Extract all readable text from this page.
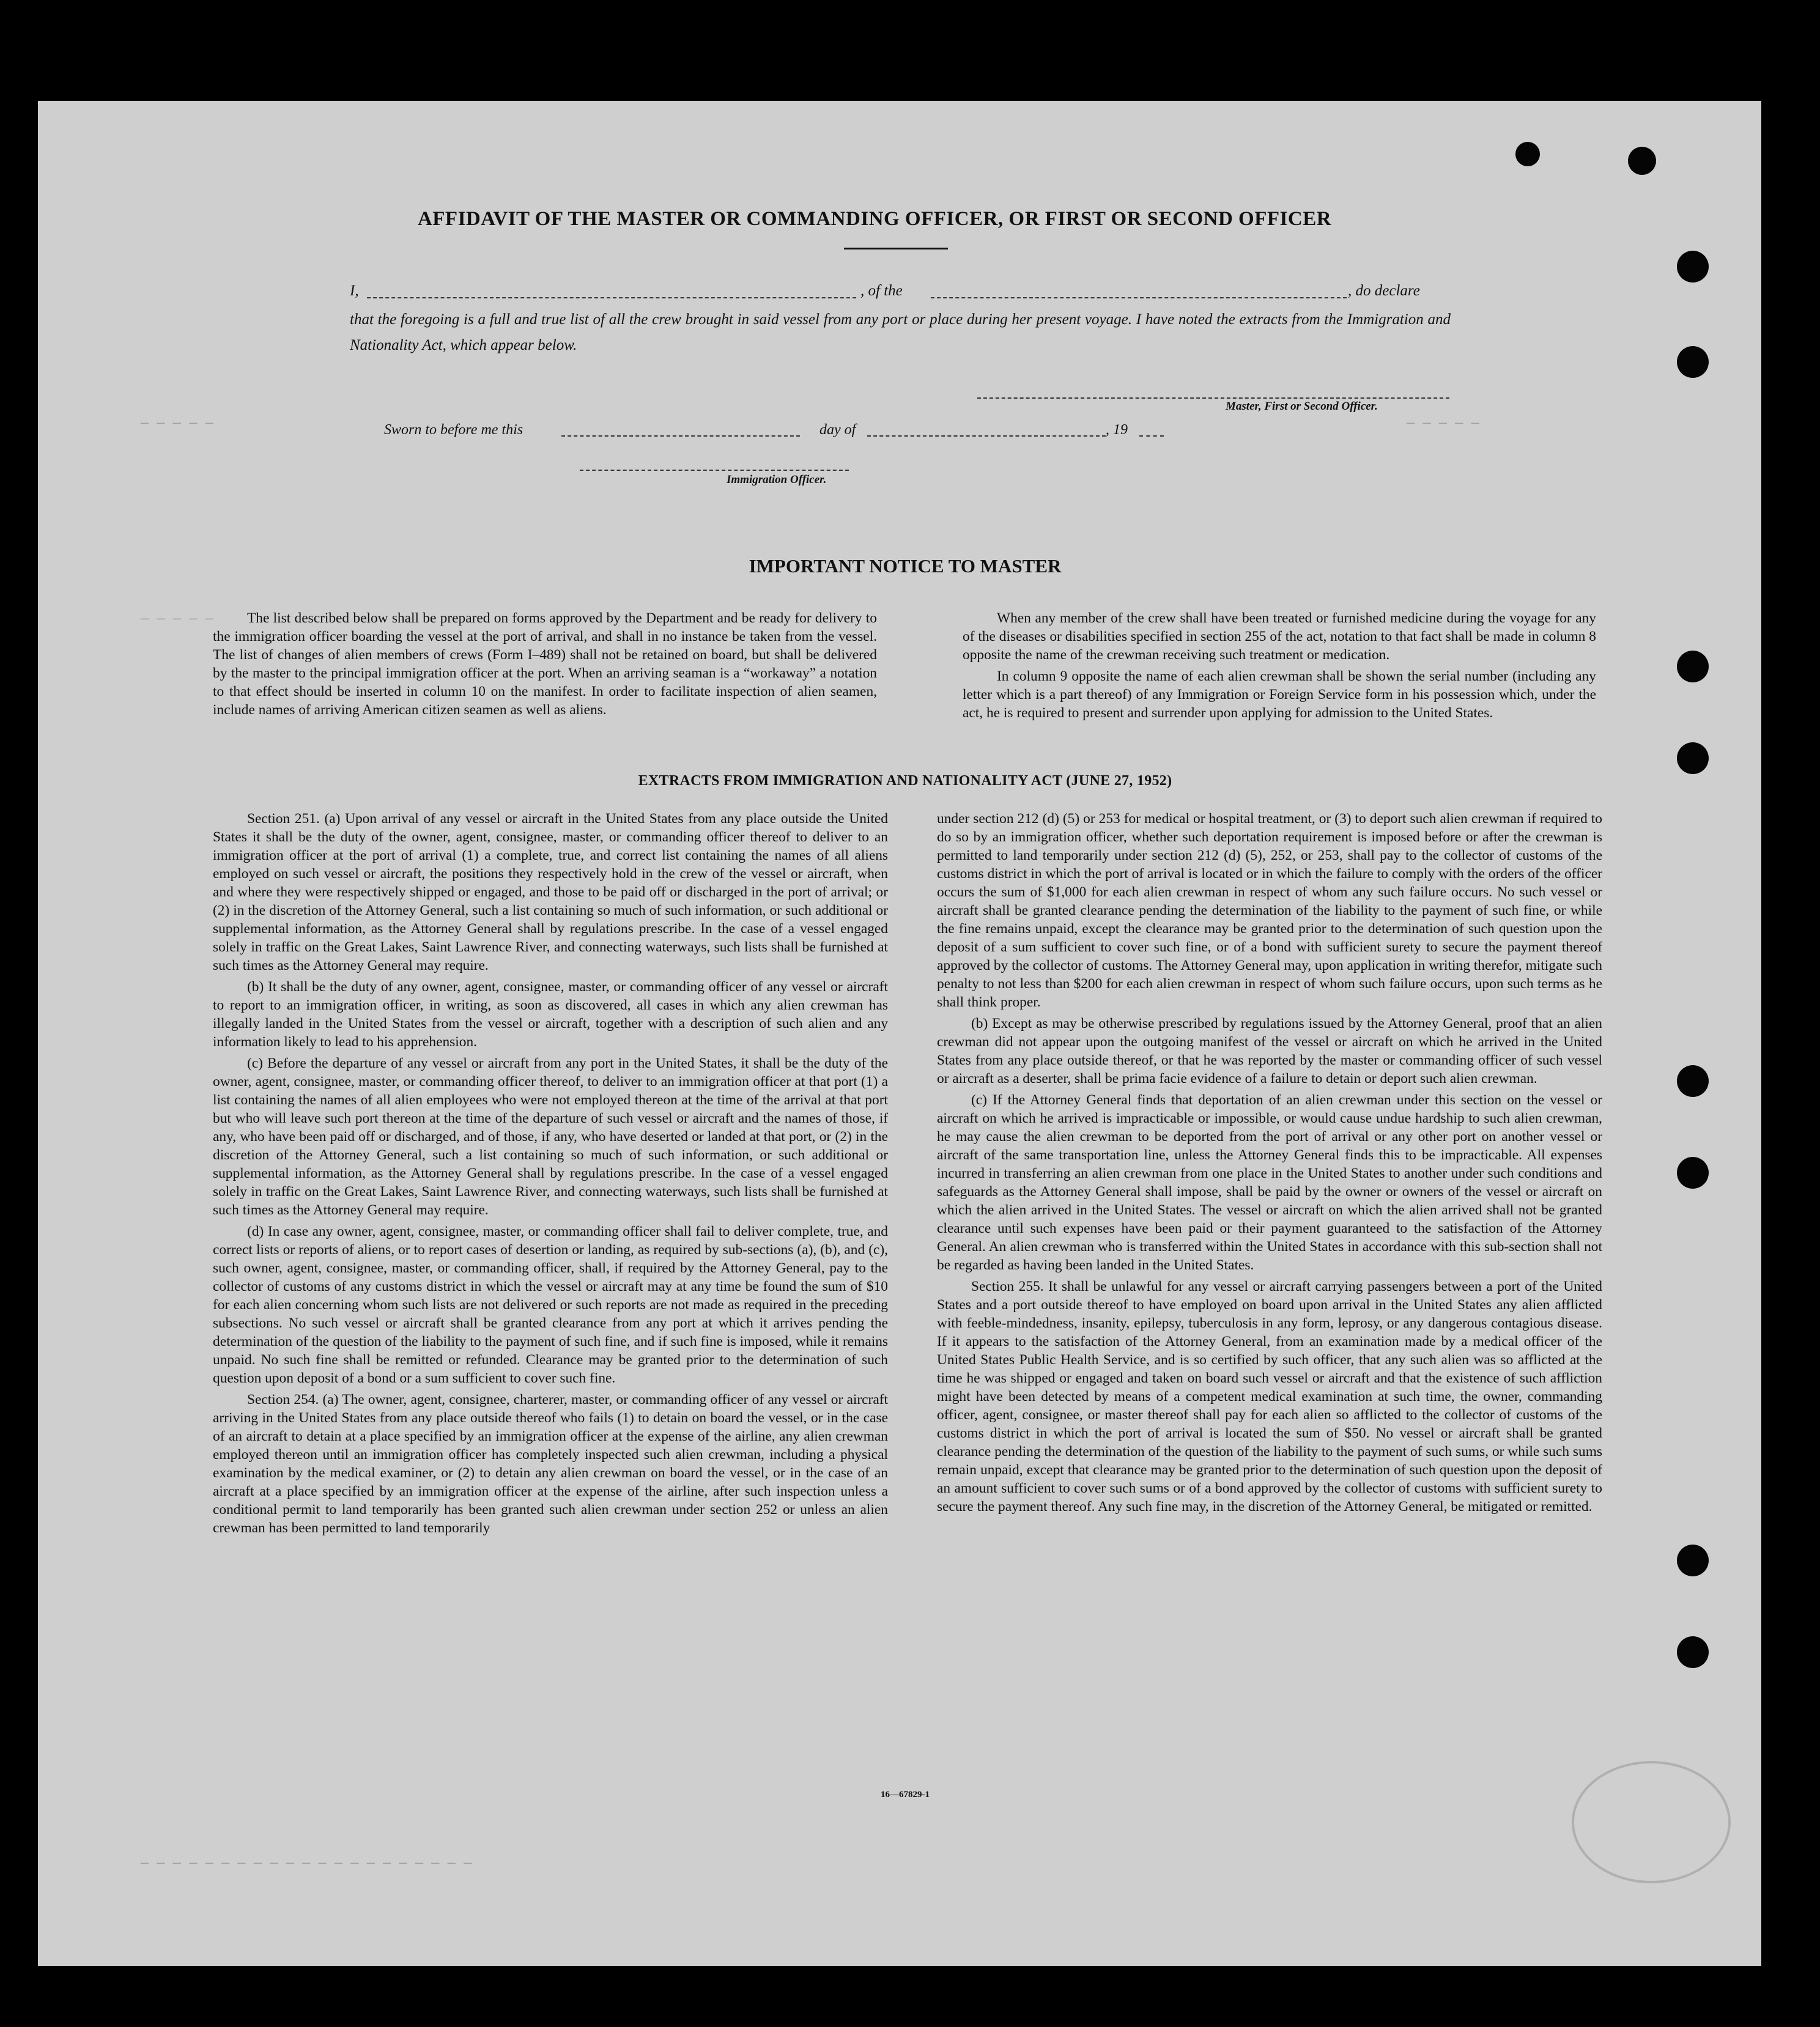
— — — — —	— — — — —
— — — — —
— — — — — — — — — — — — — — — — — — — — —
AFFIDAVIT OF THE MASTER OR COMMANDING OFFICER, OR FIRST OR SECOND OFFICER
I,	, of the	, do declare
that the foregoing is a full and true list of all the crew brought in said vessel from any port or place during her present voyage. I have noted the extracts from the Immigration and Nationality Act, which appear below.
Master, First or Second Officer.
Sworn to before me this	day of	, 19
Immigration Officer.
IMPORTANT NOTICE TO MASTER

The list described below shall be prepared on forms approved by the Department and be ready for delivery to the immigration officer boarding the vessel at the port of arrival, and shall in no instance be taken from the vessel. The list of changes of alien members of crews (Form I–489) shall not be retained on board, but shall be delivered by the master to the principal immigration officer at the port. When an arriving seaman is a “workaway” a notation to that effect should be inserted in column 10 on the manifest. In order to facilitate inspection of alien seamen, include names of arriving American citizen seamen as well as aliens.

When any member of the crew shall have been treated or furnished medicine during the voyage for any of the diseases or disabilities specified in section 255 of the act, notation to that fact shall be made in column 8 opposite the name of the crewman receiving such treatment or medication.

In column 9 opposite the name of each alien crewman shall be shown the serial number (including any letter which is a part thereof) of any Immigration or Foreign Service form in his possession which, under the act, he is required to present and surrender upon applying for admission to the United States.

EXTRACTS FROM IMMIGRATION AND NATIONALITY ACT (JUNE 27, 1952)

Section 251. (a) Upon arrival of any vessel or aircraft in the United States from any place outside the United States it shall be the duty of the owner, agent, consignee, master, or commanding officer thereof to deliver to an immigration officer at the port of arrival (1) a complete, true, and correct list containing the names of all aliens employed on such vessel or aircraft, the positions they respectively hold in the crew of the vessel or aircraft, when and where they were respectively shipped or engaged, and those to be paid off or discharged in the port of arrival; or (2) in the discretion of the Attorney General, such a list containing so much of such information, or such additional or supplemental information, as the Attorney General shall by regulations prescribe. In the case of a vessel engaged solely in traffic on the Great Lakes, Saint Lawrence River, and connecting waterways, such lists shall be furnished at such times as the Attorney General may require.

(b) It shall be the duty of any owner, agent, consignee, master, or commanding officer of any vessel or aircraft to report to an immigration officer, in writing, as soon as discovered, all cases in which any alien crewman has illegally landed in the United States from the vessel or aircraft, together with a description of such alien and any information likely to lead to his apprehension.

(c) Before the departure of any vessel or aircraft from any port in the United States, it shall be the duty of the owner, agent, consignee, master, or commanding officer thereof, to deliver to an immigration officer at that port (1) a list containing the names of all alien employees who were not employed thereon at the time of the arrival at that port but who will leave such port thereon at the time of the departure of such vessel or aircraft and the names of those, if any, who have been paid off or discharged, and of those, if any, who have deserted or landed at that port, or (2) in the discretion of the Attorney General, such a list containing so much of such information, or such additional or supplemental information, as the Attorney General shall by regulations prescribe. In the case of a vessel engaged solely in traffic on the Great Lakes, Saint Lawrence River, and connecting waterways, such lists shall be furnished at such times as the Attorney General may require.

(d) In case any owner, agent, consignee, master, or commanding officer shall fail to deliver complete, true, and correct lists or reports of aliens, or to report cases of desertion or landing, as required by sub-sections (a), (b), and (c), such owner, agent, consignee, master, or commanding officer, shall, if required by the Attorney General, pay to the collector of customs of any customs district in which the vessel or aircraft may at any time be found the sum of $10 for each alien concerning whom such lists are not delivered or such reports are not made as required in the preceding subsections. No such vessel or aircraft shall be granted clearance from any port at which it arrives pending the determination of the question of the liability to the payment of such fine, and if such fine is imposed, while it remains unpaid. No such fine shall be remitted or refunded. Clearance may be granted prior to the determination of such question upon deposit of a bond or a sum sufficient to cover such fine.

Section 254. (a) The owner, agent, consignee, charterer, master, or commanding officer of any vessel or aircraft arriving in the United States from any place outside thereof who fails (1) to detain on board the vessel, or in the case of an aircraft to detain at a place specified by an immigration officer at the expense of the airline, any alien crewman employed thereon until an immigration officer has completely inspected such alien crewman, including a physical examination by the medical examiner, or (2) to detain any alien crewman on board the vessel, or in the case of an aircraft at a place specified by an immigration officer at the expense of the airline, after such inspection unless a conditional permit to land temporarily has been granted such alien crewman under section 252 or unless an alien crewman has been permitted to land temporarily

under section 212 (d) (5) or 253 for medical or hospital treatment, or (3) to deport such alien crewman if required to do so by an immigration officer, whether such deportation requirement is imposed before or after the crewman is permitted to land temporarily under section 212 (d) (5), 252, or 253, shall pay to the collector of customs of the customs district in which the port of arrival is located or in which the failure to comply with the orders of the officer occurs the sum of $1,000 for each alien crewman in respect of whom any such failure occurs. No such vessel or aircraft shall be granted clearance pending the determination of the liability to the payment of such fine, or while the fine remains unpaid, except the clearance may be granted prior to the determination of such question upon the deposit of a sum sufficient to cover such fine, or of a bond with sufficient surety to secure the payment thereof approved by the collector of customs. The Attorney General may, upon application in writing therefor, mitigate such penalty to not less than $200 for each alien crewman in respect of whom such failure occurs, upon such terms as he shall think proper.

(b) Except as may be otherwise prescribed by regulations issued by the Attorney General, proof that an alien crewman did not appear upon the outgoing manifest of the vessel or aircraft on which he arrived in the United States from any place outside thereof, or that he was reported by the master or commanding officer of such vessel or aircraft as a deserter, shall be prima facie evidence of a failure to detain or deport such alien crewman.

(c) If the Attorney General finds that deportation of an alien crewman under this section on the vessel or aircraft on which he arrived is impracticable or impossible, or would cause undue hardship to such alien crewman, he may cause the alien crewman to be deported from the port of arrival or any other port on another vessel or aircraft of the same transportation line, unless the Attorney General finds this to be impracticable. All expenses incurred in transferring an alien crewman from one place in the United States to another under such conditions and safeguards as the Attorney General shall impose, shall be paid by the owner or owners of the vessel or aircraft on which the alien arrived in the United States. The vessel or aircraft on which the alien arrived shall not be granted clearance until such expenses have been paid or their payment guaranteed to the satisfaction of the Attorney General. An alien crewman who is transferred within the United States in accordance with this sub-section shall not be regarded as having been landed in the United States.

Section 255. It shall be unlawful for any vessel or aircraft carrying passengers between a port of the United States and a port outside thereof to have employed on board upon arrival in the United States any alien afflicted with feeble-mindedness, insanity, epilepsy, tuberculosis in any form, leprosy, or any dangerous contagious disease. If it appears to the satisfaction of the Attorney General, from an examination made by a medical officer of the United States Public Health Service, and is so certified by such officer, that any such alien was so afflicted at the time he was shipped or engaged and taken on board such vessel or aircraft and that the existence of such affliction might have been detected by means of a competent medical examination at such time, the owner, commanding officer, agent, consignee, or master thereof shall pay for each alien so afflicted to the collector of customs of the customs district in which the port of arrival is located the sum of $50. No vessel or aircraft shall be granted clearance pending the determination of the question of the liability to the payment of such sums, or while such sums remain unpaid, except that clearance may be granted prior to the determination of such question upon the deposit of an amount sufficient to cover such sums or of a bond approved by the collector of customs with sufficient surety to secure the payment thereof. Any such fine may, in the discretion of the Attorney General, be mitigated or remitted.

16—67829-1
